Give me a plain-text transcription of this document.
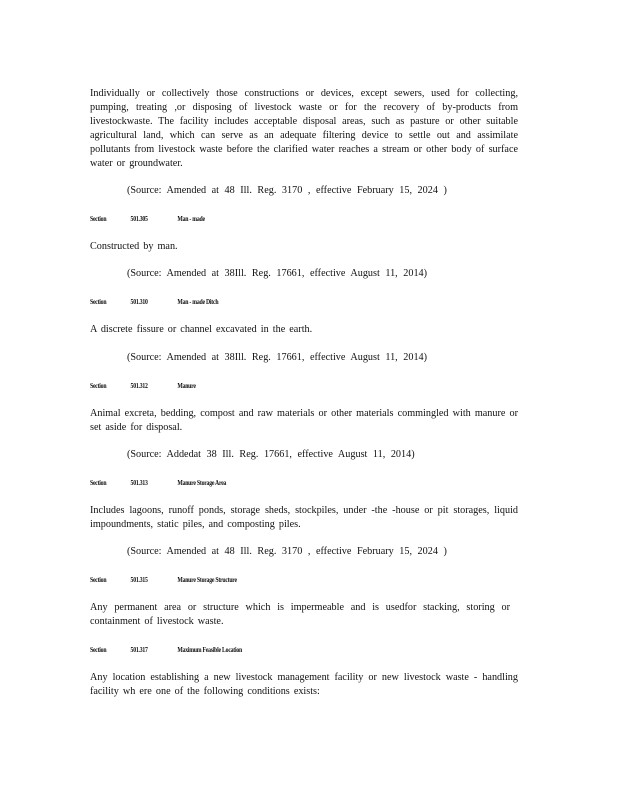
Individually or collectively those constructions or devices, except sewers, used for collecting, pumping, treating ,or disposing of livestock waste or for the recovery of by-products from livestockwaste. The facility includes acceptable disposal areas, such as pasture or other suitable agricultural land, which can serve as an adequate filtering device to settle out and assimilate pollutants from livestock waste before the clarified water reaches a stream or other body of surface water or groundwater.
(Source: Amended at 48 Ill. Reg. 3170 , effective February 15, 2024 )
Section	501.305	Man - made
Constructed by man.
(Source: Amended at 38Ill. Reg. 17661, effective August 11, 2014)
Section	501.310	Man - made Ditch
A discrete fissure or channel excavated in the earth.
(Source: Amended at 38Ill. Reg. 17661, effective August 11, 2014)
Section	501.312	Manure
Animal excreta, bedding, compost and raw materials or other materials commingled with manure or set aside for disposal.
(Source: Addedat 38 Ill. Reg. 17661, effective August 11, 2014)
Section	501.313	Manure Storage Area
Includes lagoons, runoff ponds, storage sheds, stockpiles, under -the -house or pit storages, liquid impoundments, static piles, and composting piles.
(Source: Amended at 48 Ill. Reg. 3170 , effective February 15, 2024 )
Section	501.315	Manure Storage Structure
Any permanent area or structure which is impermeable and is usedfor stacking, storing or containment of livestock waste.
Section	501.317	Maximum Feasible Location
Any location establishing a new livestock management facility or new livestock waste - handling facility wh ere one of the following conditions exists:
